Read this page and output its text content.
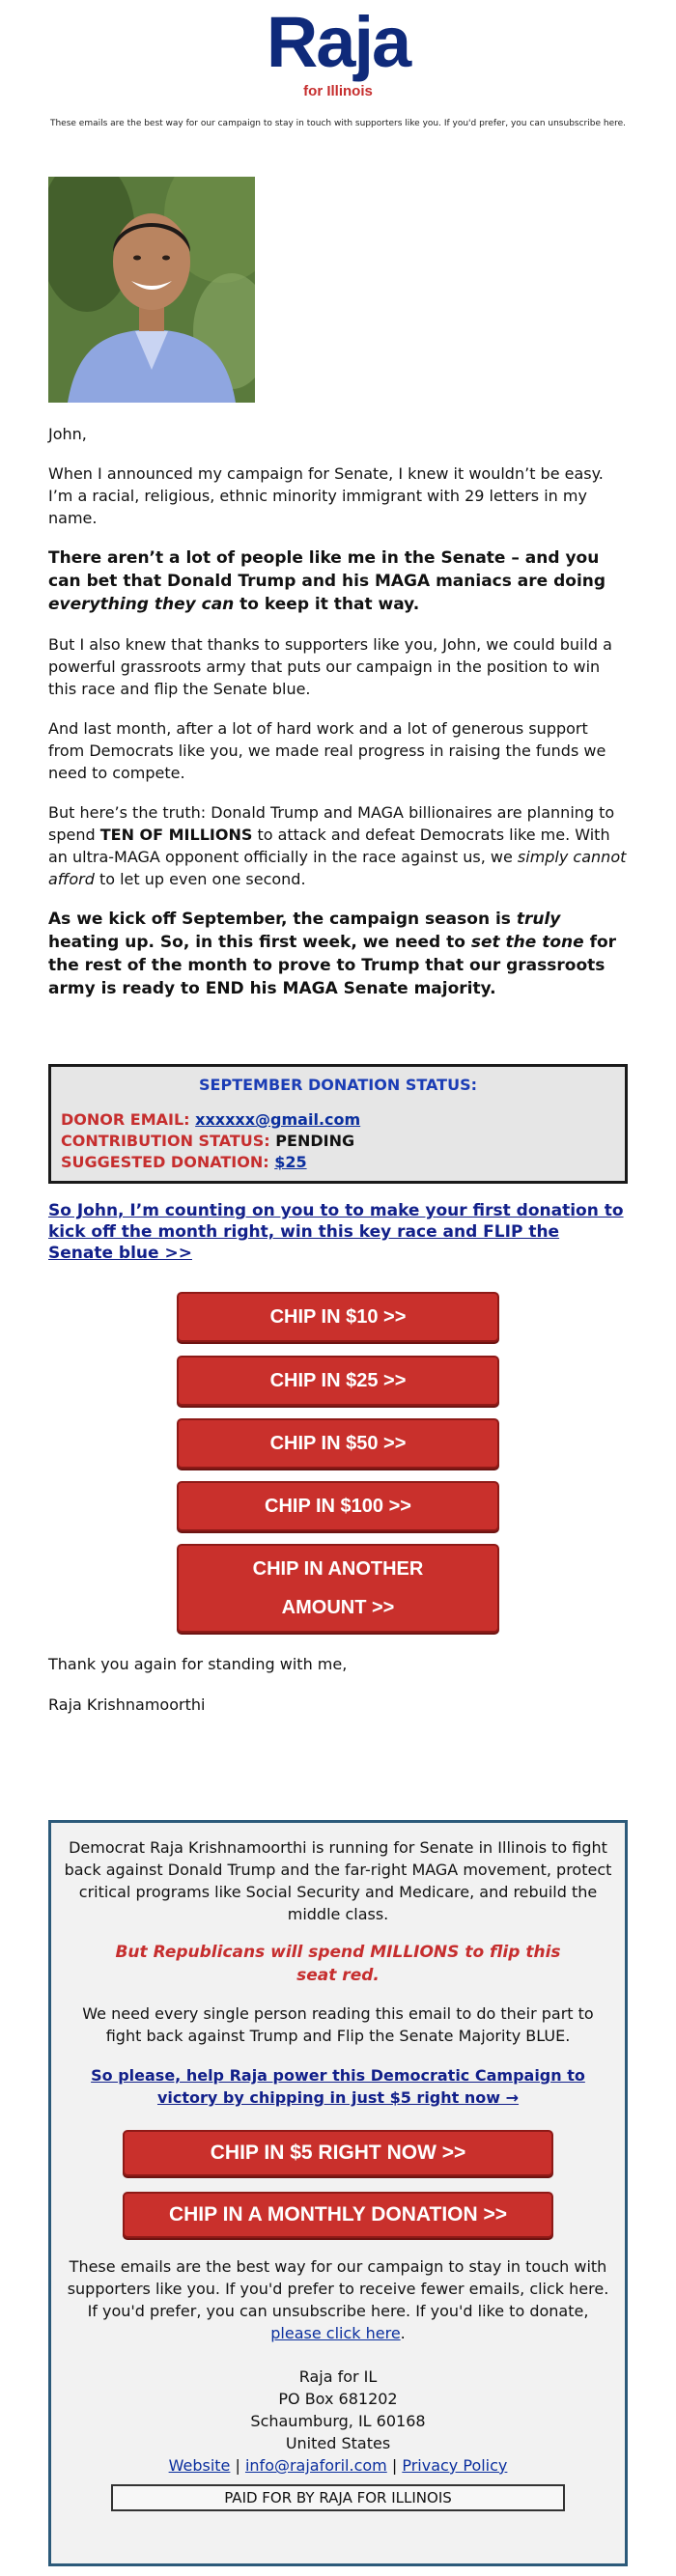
Raja
for Illinois
These emails are the best way for our campaign to stay in touch with supporters like you. If you'd prefer, you can unsubscribe here.

John,

When I announced my campaign for Senate, I knew it wouldn’t be easy. I’m a racial, religious, ethnic minority immigrant with 29 letters in my name.

There aren’t a lot of people like me in the Senate – and you can bet that Donald Trump and his MAGA maniacs are doing everything they can to keep it that way.

But I also knew that thanks to supporters like you, John, we could build a powerful grassroots army that puts our campaign in the position to win this race and flip the Senate blue.

And last month, after a lot of hard work and a lot of generous support from Democrats like you, we made real progress in raising the funds we need to compete.

But here’s the truth: Donald Trump and MAGA billionaires are planning to spend TEN OF MILLIONS to attack and defeat Democrats like me. With an ultra-MAGA opponent officially in the race against us, we simply cannot afford to let up even one second.

As we kick off September, the campaign season is truly heating up. So, in this first week, we need to set the tone for the rest of the month to prove to Trump that our grassroots army is ready to END his MAGA Senate majority.

SEPTEMBER DONATION STATUS:
DONOR EMAIL: xxxxxx@gmail.com
CONTRIBUTION STATUS: PENDING
SUGGESTED DONATION: $25
So John, I’m counting on you to to make your first donation to kick off the month right, win this key race and FLIP the Senate blue >>
CHIP IN $10 >>
CHIP IN $25 >>
CHIP IN $50 >>
CHIP IN $100 >>
CHIP IN ANOTHER
AMOUNT >>

Thank you again for standing with me,

Raja Krishnamoorthi

Democrat Raja Krishnamoorthi is running for Senate in Illinois to fight back against Donald Trump and the far-right MAGA movement, protect critical programs like Social Security and Medicare, and rebuild the middle class.

But Republicans will spend MILLIONS to flip this seat red.

We need every single person reading this email to do their part to fight back against Trump and Flip the Senate Majority BLUE.

So please, help Raja power this Democratic Campaign to victory by chipping in just $5 right now →
CHIP IN $5 RIGHT NOW >>
CHIP IN A MONTHLY DONATION >>

These emails are the best way for our campaign to stay in touch with supporters like you. If you'd prefer to receive fewer emails, click here. If you'd prefer, you can unsubscribe here. If you'd like to donate, please click here.

Raja for IL

PO Box 681202

Schaumburg, IL 60168

United States

Website | info@rajaforil.com | Privacy Policy

PAID FOR BY RAJA FOR ILLINOIS
